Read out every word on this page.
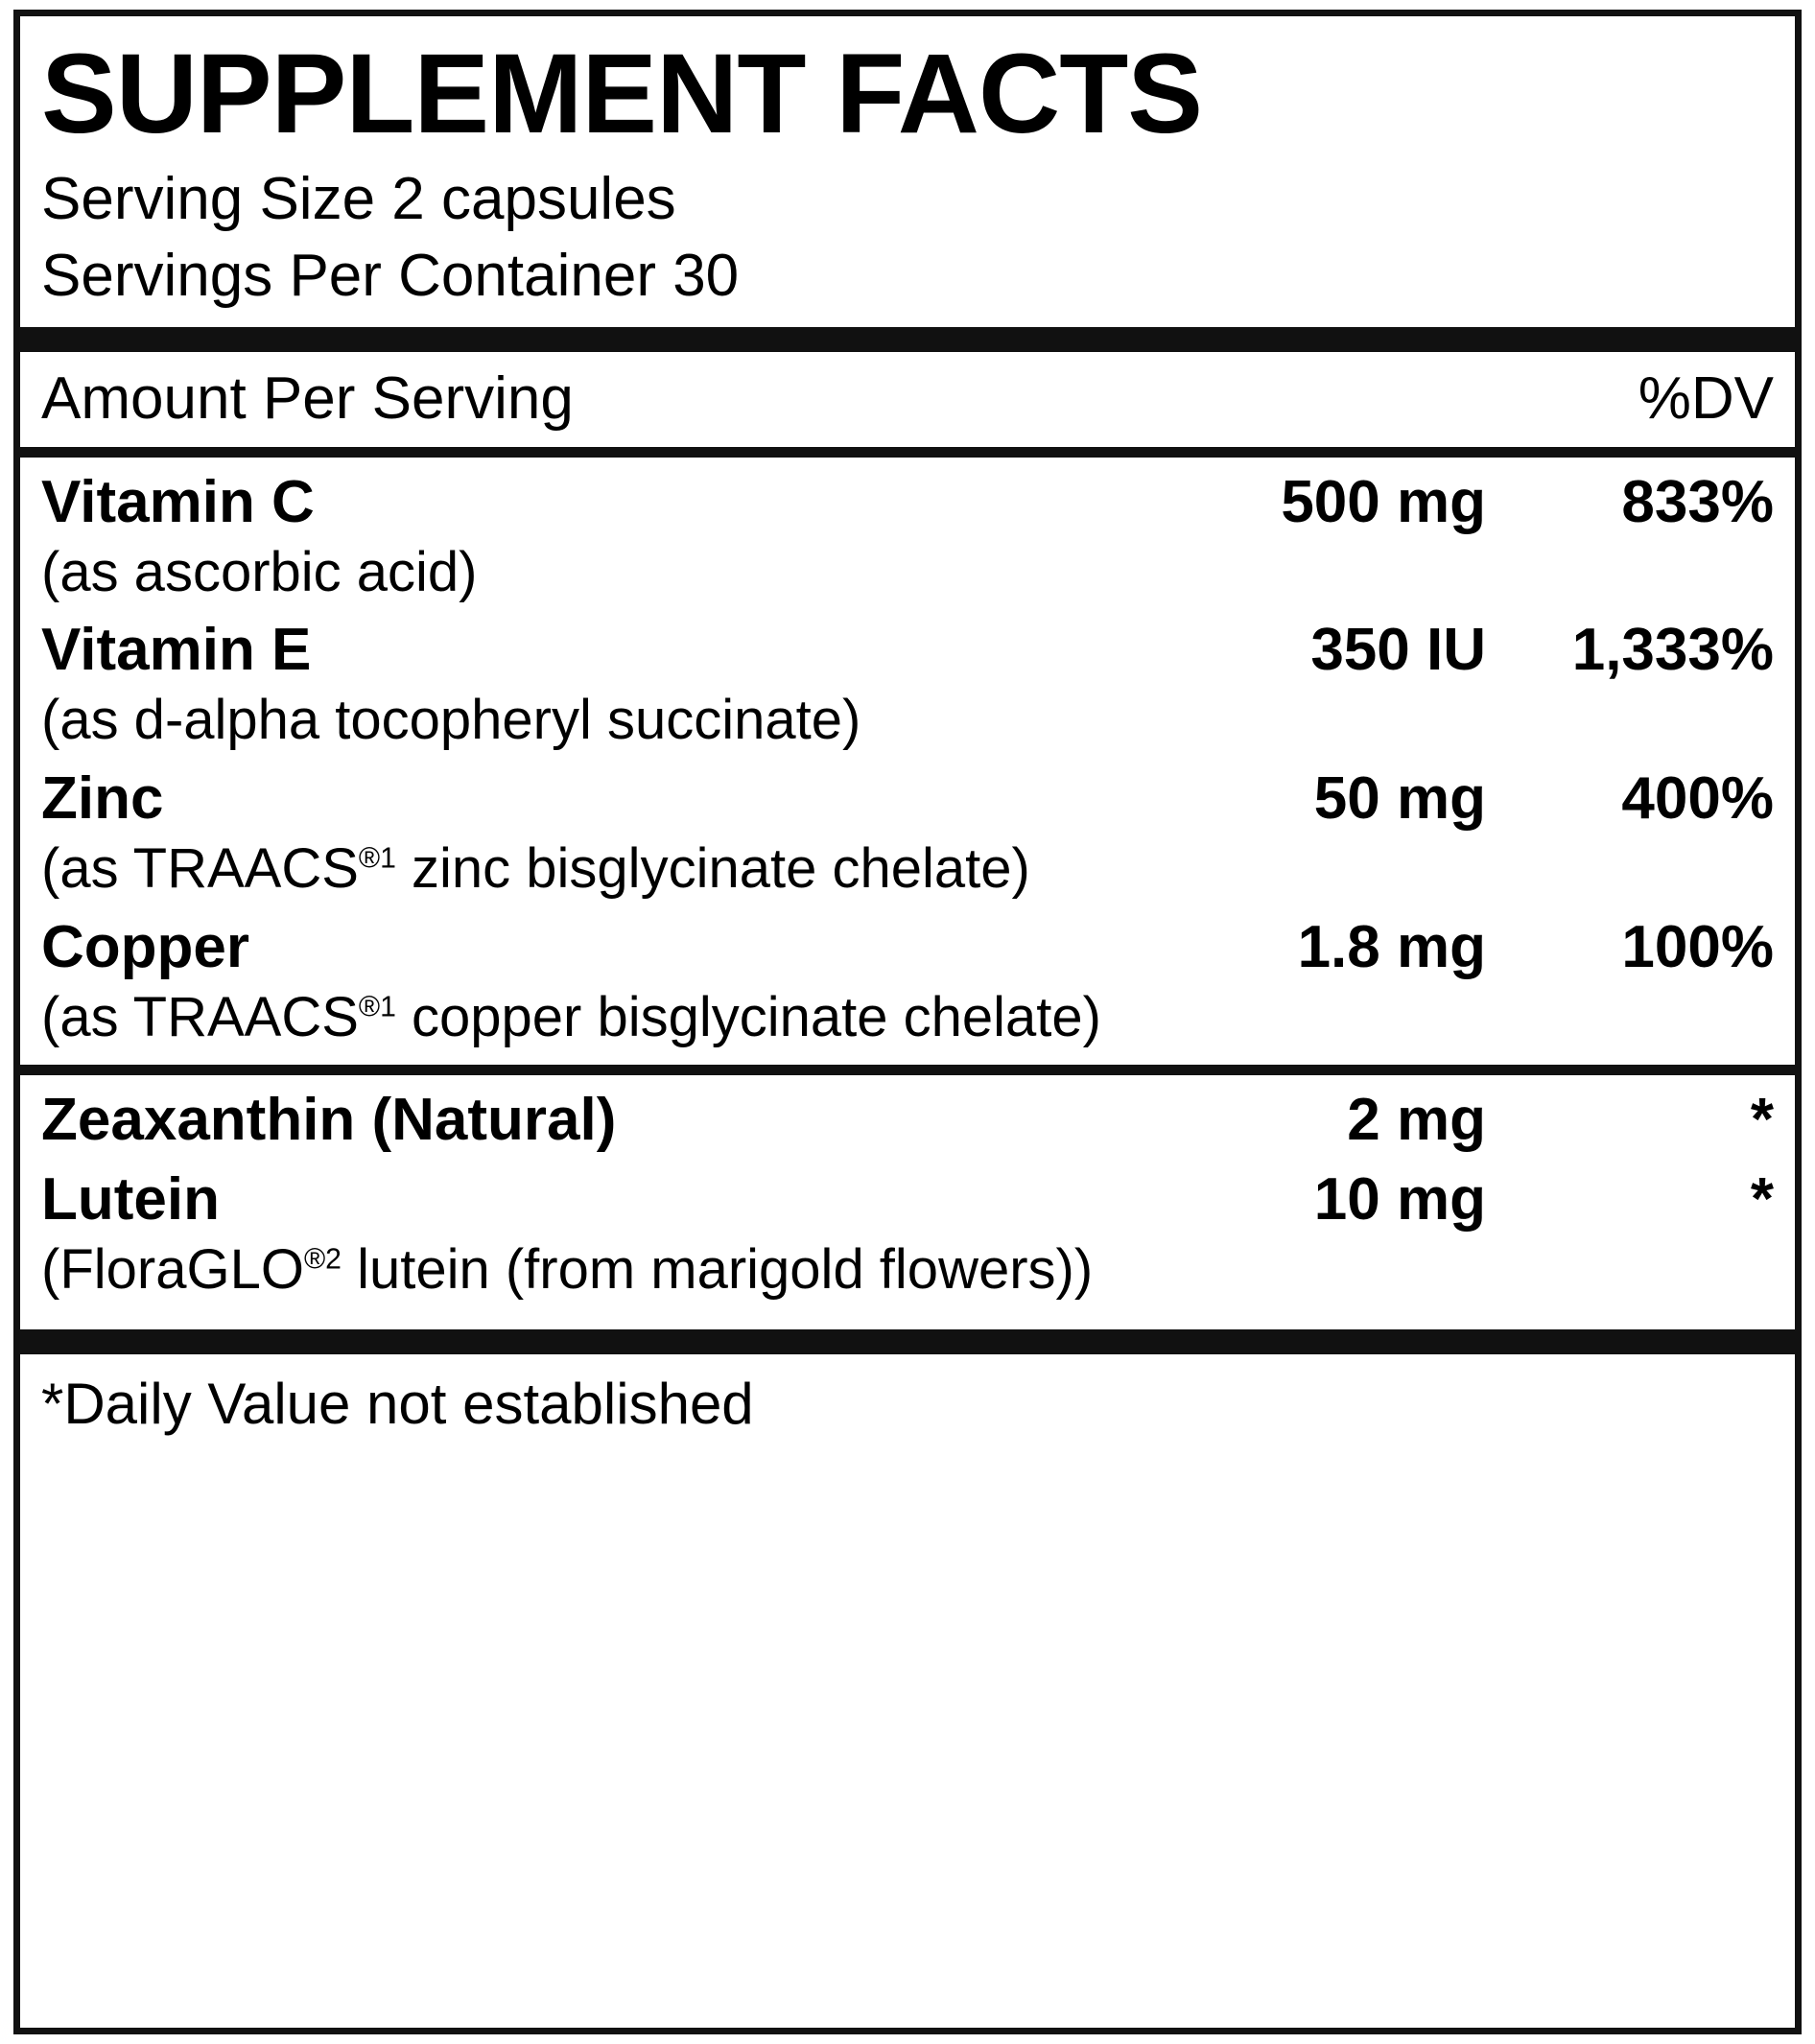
SUPPLEMENT FACTS
Serving Size 2 capsules
Servings Per Container 30
Amount Per Serving	%DV
Vitamin C	500 mg	833%
(as ascorbic acid)
Vitamin E	350 IU	1,333%
(as d-alpha tocopheryl succinate)
Zinc	50 mg	400%
(as $TRAACS^{®1}$ zinc bisglycinate chelate)
Copper	1.8 mg	100%
(as $TRAACS^{®1}$ copper bisglycinate chelate)
Zeaxanthin (Natural)	2 mg	*
Lutein	10 mg	*
(FloraGLO$^{®2}$ lutein (from marigold flowers))
*Daily Value not established
